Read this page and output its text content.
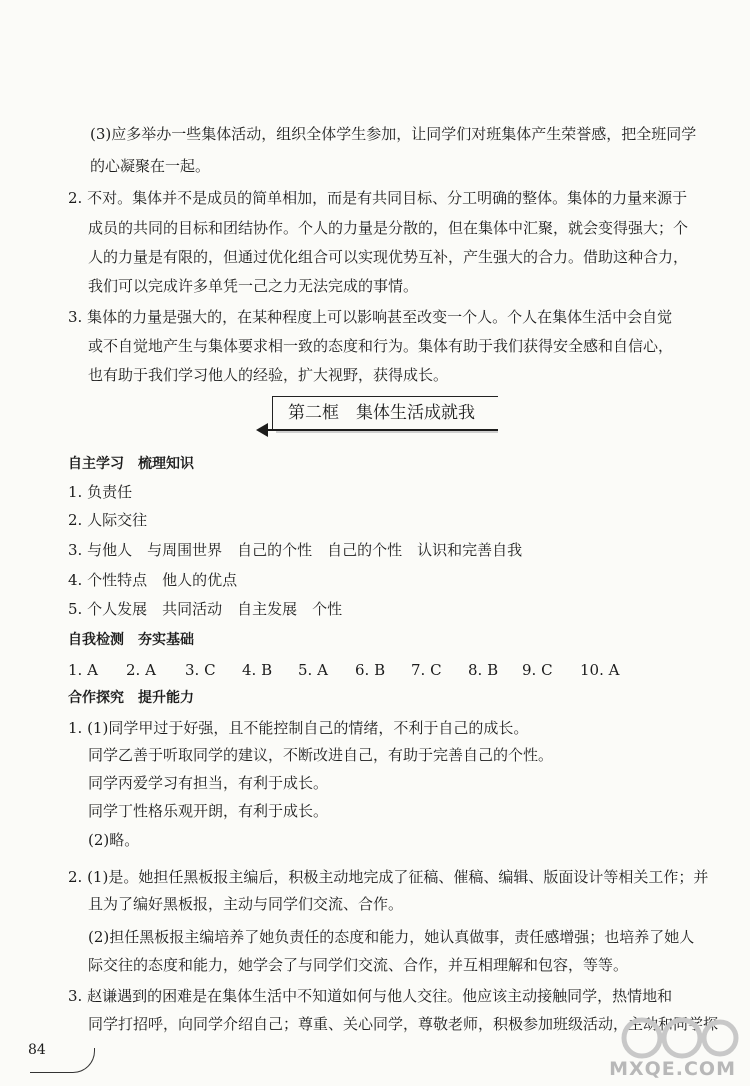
(3)应多举办一些集体活动，组织全体学生参加，让同学们对班集体产生荣誉感，把全班同学
的心凝聚在一起。
2. 不对。集体并不是成员的简单相加，而是有共同目标、分工明确的整体。集体的力量来源于
成员的共同的目标和团结协作。个人的力量是分散的，但在集体中汇聚，就会变得强大；个
人的力量是有限的，但通过优化组合可以实现优势互补，产生强大的合力。借助这种合力，
我们可以完成许多单凭一己之力无法完成的事情。
3. 集体的力量是强大的，在某种程度上可以影响甚至改变一个人。个人在集体生活中会自觉
或不自觉地产生与集体要求相一致的态度和行为。集体有助于我们获得安全感和自信心，
也有助于我们学习他人的经验，扩大视野，获得成长。
第二框　集体生活成就我
自主学习　梳理知识
1. 负责任
2. 人际交往
3. 与他人　与周围世界　自己的个性　自己的个性　认识和完善自我
4. 个性特点　他人的优点
5. 个人发展　共同活动　自主发展　个性
自我检测　夯实基础
1. A 2. A 3. C 4. B 5. A 6. B 7. C 8. B 9. C 10. A
合作探究　提升能力
1. (1)同学甲过于好强，且不能控制自己的情绪，不利于自己的成长。
同学乙善于听取同学的建议，不断改进自己，有助于完善自己的个性。
同学丙爱学习有担当，有利于成长。
同学丁性格乐观开朗，有利于成长。
(2)略。
2. (1)是。她担任黑板报主编后，积极主动地完成了征稿、催稿、编辑、版面设计等相关工作；并
且为了编好黑板报，主动与同学们交流、合作。
(2)担任黑板报主编培养了她负责任的态度和能力，她认真做事，责任感增强；也培养了她人
际交往的态度和能力，她学会了与同学们交流、合作，并互相理解和包容，等等。
3. 赵谦遇到的困难是在集体生活中不知道如何与他人交往。他应该主动接触同学，热情地和
同学打招呼，向同学介绍自己；尊重、关心同学，尊敬老师，积极参加班级活动，主动和同学探
84
MXQE.COM
